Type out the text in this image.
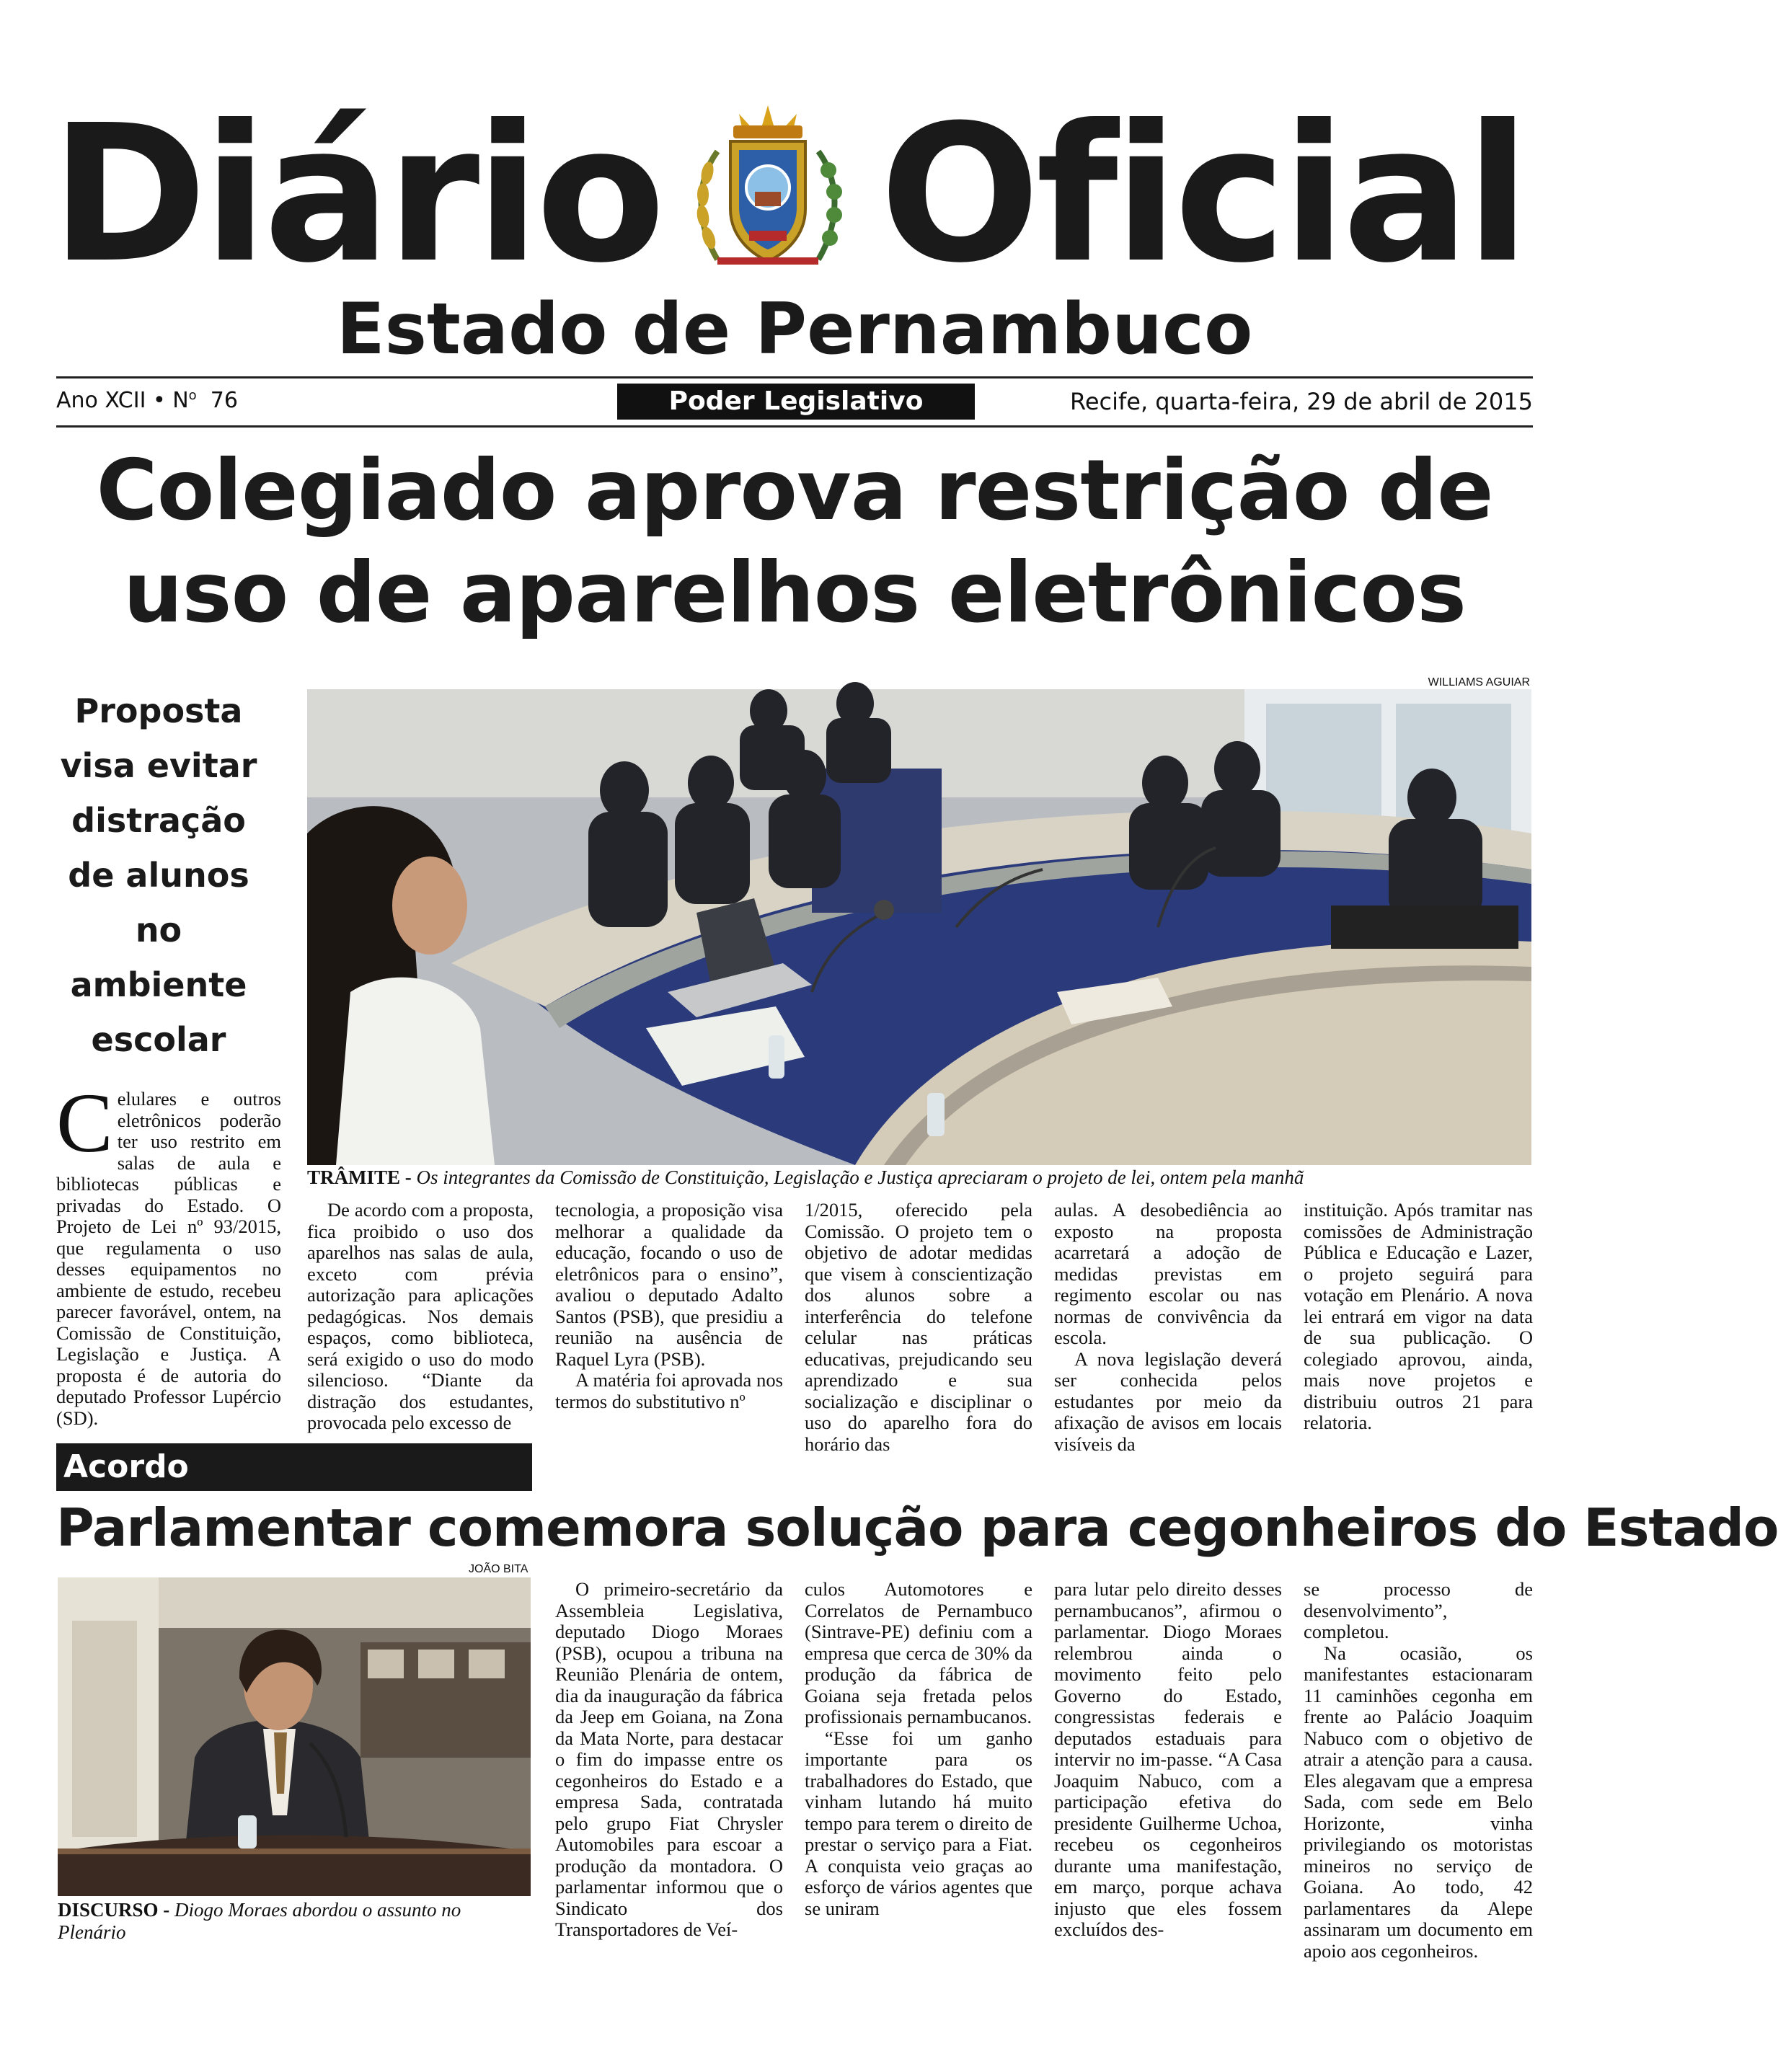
Diário Oficial
Estado de Pernambuco
Ano XCII • $N^o$ 76	Poder Legislativo	Recife, quarta-feira, 29 de abril de 2015
Colegiado aprova restrição de
uso de aparelhos eletrônicos
Proposta
visa evitar
distração
de alunos
no
ambiente
escolar
WILLIAMS AGUIAR
TRÂMITE - Os integrantes da Comissão de Constituição, Legislação e Justiça apreciaram o projeto de lei, ontem pela manhã

Celulares e outros eletrônicos poderão ter uso restrito em salas de aula e bibliotecas públicas e privadas do Estado. O Projeto de Lei nº 93/2015, que regulamenta o uso desses equipamentos no ambiente de estudo, recebeu parecer favorável, ontem, na Comissão de Constituição, Legislação e Justiça. A proposta é de autoria do deputado Professor Lupércio (SD).

De acordo com a proposta, fica proibido o uso dos aparelhos nas salas de aula, exceto com prévia autorização para aplicações pedagógicas. Nos demais espaços, como biblioteca, será exigido o uso do modo silencioso. “Diante da distração dos estudantes, provocada pelo excesso de

tecnologia, a proposição visa melhorar a qualidade da educação, focando o uso de eletrônicos para o ensino”, avaliou o deputado Adalto Santos (PSB), que presidiu a reunião na ausência de Raquel Lyra (PSB).

A matéria foi aprovada nos termos do substitutivo nº

1/2015, oferecido pela Comissão. O projeto tem o objetivo de adotar medidas que visem à conscientização dos alunos sobre a interferência do telefone celular nas práticas educativas, prejudicando seu aprendizado e sua socialização e disciplinar o uso do aparelho fora do horário das

aulas. A desobediência ao exposto na proposta acarretará a adoção de medidas previstas em regimento escolar ou nas normas de convivência da escola.

A nova legislação deverá ser conhecida pelos estudantes por meio da afixação de avisos em locais visíveis da

instituição. Após tramitar nas comissões de Administração Pública e Educação e Lazer, o projeto seguirá para votação em Plenário. A nova lei entrará em vigor na data de sua publicação. O colegiado aprovou, ainda, mais nove projetos e distribuiu outros 21 para relatoria.

Acordo
Parlamentar comemora solução para cegonheiros do Estado
JOÃO BITA
DISCURSO - Diogo Moraes abordou o assunto no Plenário

O primeiro-secretário da Assembleia Legislativa, deputado Diogo Moraes (PSB), ocupou a tribuna na Reunião Plenária de ontem, dia da inauguração da fábrica da Jeep em Goiana, na Zona da Mata Norte, para destacar o fim do impasse entre os cegonheiros do Estado e a empresa Sada, contratada pelo grupo Fiat Chrysler Automobiles para escoar a produção da montadora. O parlamentar informou que o Sindicato dos Transportadores de Veí-

culos Automotores e Correlatos de Pernambuco (Sintrave-PE) definiu com a empresa que cerca de 30% da produção da fábrica de Goiana seja fretada pelos profissionais pernambucanos.

“Esse foi um ganho importante para os trabalhadores do Estado, que vinham lutando há muito tempo para terem o direito de prestar o serviço para a Fiat. A conquista veio graças ao esforço de vários agentes que se uniram

para lutar pelo direito desses pernambucanos”, afirmou o parlamentar. Diogo Moraes relembrou ainda o movimento feito pelo Governo do Estado, congressistas federais e deputados estaduais para intervir no im-passe. “A Casa Joaquim Nabuco, com a participação efetiva do presidente Guilherme Uchoa, recebeu os cegonheiros durante uma manifestação, em março, porque achava injusto que eles fossem excluídos des-

se processo de desenvolvimento”, completou.

Na ocasião, os manifestantes estacionaram 11 caminhões cegonha em frente ao Palácio Joaquim Nabuco com o objetivo de atrair a atenção para a causa. Eles alegavam que a empresa Sada, com sede em Belo Horizonte, vinha privilegiando os motoristas mineiros no serviço de Goiana. Ao todo, 42 parlamentares da Alepe assinaram um documento em apoio aos cegonheiros.
